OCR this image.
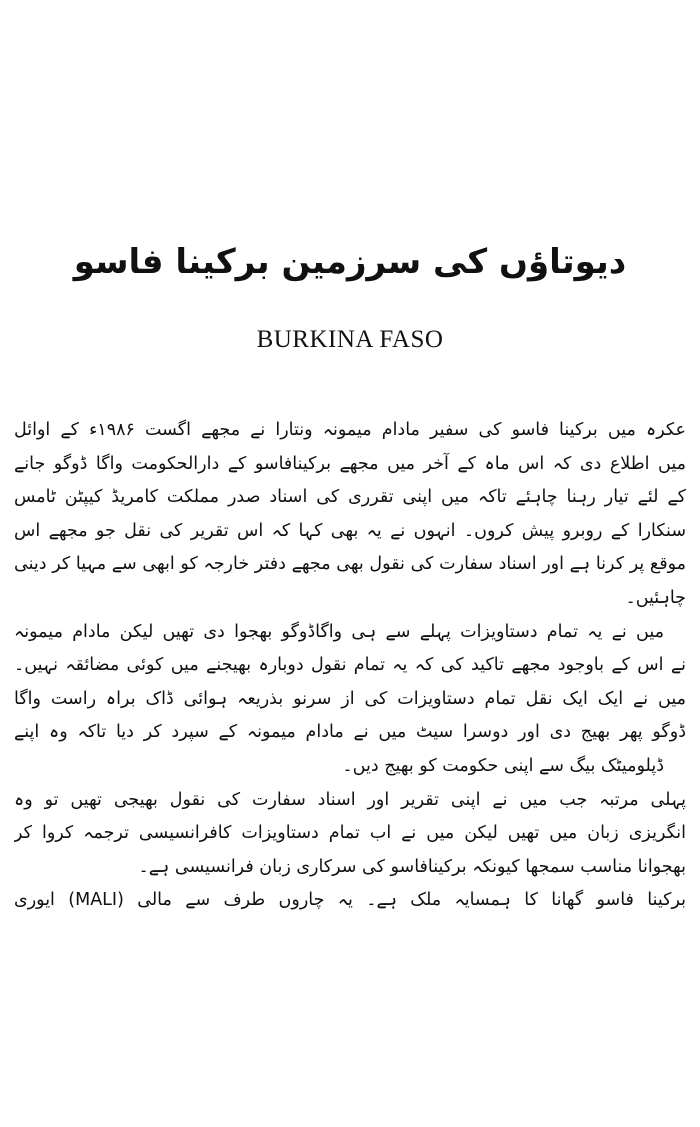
دیوتاؤں کی سرزمین برکینا فاسو
BURKINA FASO
عکرہ میں برکینا فاسو کی سفیر مادام میمونہ ونتارا نے مجھے اگست ۱۹۸۶ء کے اوائل
میں اطلاع دی کہ اس ماہ کے آخر میں مجھے برکینافاسو کے دارالحکومت واگا ڈوگو جانے
کے لئے تیار رہنا چاہئے تاکہ میں اپنی تقرری کی اسناد صدر مملکت کامریڈ کیپٹن ٹامس
سنکارا کے روبرو پیش کروں۔ انہوں نے یہ بھی کہا کہ اس تقریر کی نقل جو مجھے اس
موقع پر کرنا ہے اور اسناد سفارت کی نقول بھی مجھے دفتر خارجہ کو ابھی سے مہیا کر دینی
چاہئیں۔
میں نے یہ تمام دستاویزات پہلے سے ہی واگاڈوگو بھجوا دی تھیں لیکن مادام میمونہ
نے اس کے باوجود مجھے تاکید کی کہ یہ تمام نقول دوبارہ بھیجنے میں کوئی مضائقہ نہیں۔
میں نے ایک ایک نقل تمام دستاویزات کی از سرنو بذریعہ ہوائی ڈاک براہ راست واگا
ڈوگو پھر بھیج دی اور دوسرا سیٹ میں نے مادام میمونہ کے سپرد کر دیا تاکہ وہ اپنے
ڈپلومیٹک بیگ سے اپنی حکومت کو بھیج دیں۔
پہلی مرتبہ جب میں نے اپنی تقریر اور اسناد سفارت کی نقول بھیجی تھیں تو وہ
انگریزی زبان میں تھیں لیکن میں نے اب تمام دستاویزات کافرانسیسی ترجمہ کروا کر
بھجوانا مناسب سمجھا کیونکہ برکینافاسو کی سرکاری زبان فرانسیسی ہے۔
برکینا فاسو گھانا کا ہمسایہ ملک ہے۔ یہ چاروں طرف سے مالی (MALI) ایوری
